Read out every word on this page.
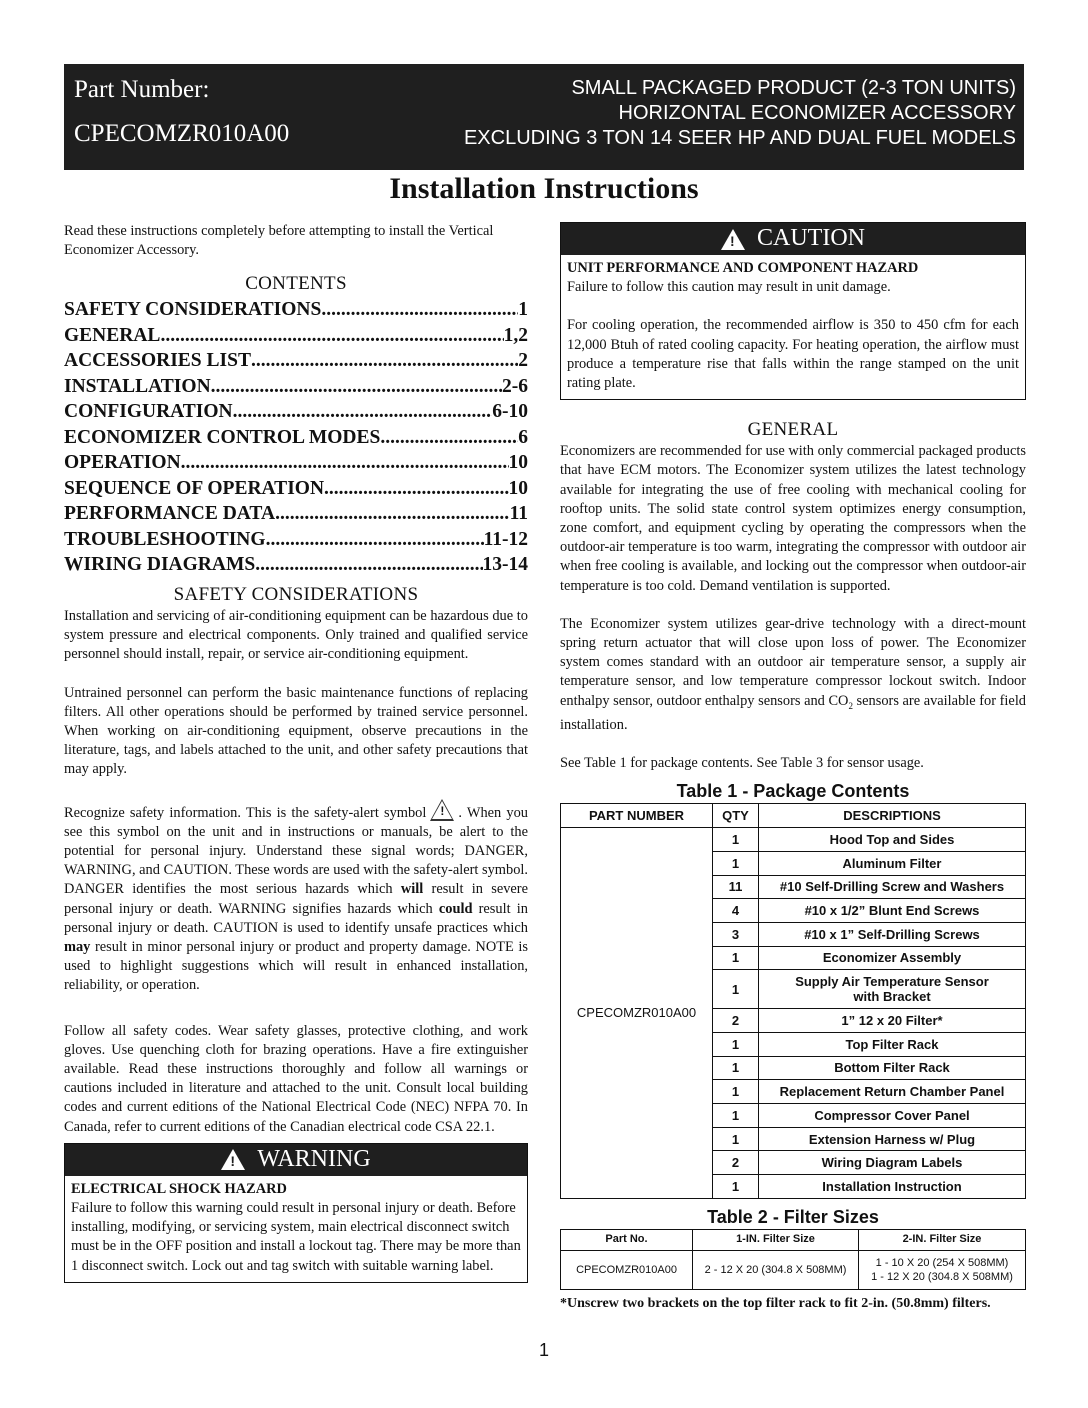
Part Number:
CPECOMZR010A00
SMALL PACKAGED PRODUCT (2-3 TON UNITS)
HORIZONTAL ECONOMIZER ACCESSORY
EXCLUDING 3 TON 14 SEER HP AND DUAL FUEL MODELS
Installation Instructions

Read these instructions completely before attempting to install the Vertical Economizer Accessory.

CONTENTS
SAFETY CONSIDERATIONS .....	1
GENERAL .....	1,2
ACCESSORIES LIST .....	2
INSTALLATION .....	2-6
CONFIGURATION .....	6-10
ECONOMIZER CONTROL MODES .....	6
OPERATION .....	10
SEQUENCE OF OPERATION .....	10
PERFORMANCE DATA .....	11
TROUBLESHOOTING .....	11-12
WIRING DIAGRAMS .....	13-14
SAFETY CONSIDERATIONS

Installation and servicing of air-conditioning equipment can be hazardous due to system pressure and electrical components. Only trained and qualified service personnel should install, repair, or service air-conditioning equipment.

Untrained personnel can perform the basic maintenance functions of replacing filters. All other operations should be performed by trained service personnel. When working on air-conditioning equipment, observe precautions in the literature, tags, and labels attached to the unit, and other safety precautions that may apply.

Recognize safety information. This is the safety-alert symbol ! . When you see this symbol on the unit and in instructions or manuals, be alert to the potential for personal injury. Understand these signal words; DANGER, WARNING, and CAUTION. These words are used with the safety-alert symbol. DANGER identifies the most serious hazards which will result in severe personal injury or death. WARNING signifies hazards which could result in personal injury or death. CAUTION is used to identify unsafe practices which may result in minor personal injury or product and property damage. NOTE is used to highlight suggestions which will result in enhanced installation, reliability, or operation.

Follow all safety codes. Wear safety glasses, protective clothing, and work gloves. Use quenching cloth for brazing operations. Have a fire extinguisher available. Read these instructions thoroughly and follow all warnings or cautions included in literature and attached to the unit. Consult local building codes and current editions of the National Electrical Code (NEC) NFPA 70. In Canada, refer to current editions of the Canadian electrical code CSA 22.1.

! WARNING

ELECTRICAL SHOCK HAZARD

Failure to follow this warning could result in personal injury or death. Before installing, modifying, or servicing system, main electrical disconnect switch must be in the OFF position and install a lockout tag. There may be more than 1 disconnect switch. Lock out and tag switch with suitable warning label.

! CAUTION

UNIT PERFORMANCE AND COMPONENT HAZARD

Failure to follow this caution may result in unit damage.

For cooling operation, the recommended airflow is 350 to 450 cfm for each 12,000 Btuh of rated cooling capacity. For heating operation, the airflow must produce a temperature rise that falls within the range stamped on the unit rating plate.

GENERAL

Economizers are recommended for use with only commercial packaged products that have ECM motors. The Economizer system utilizes the latest technology available for integrating the use of free cooling with mechanical cooling for rooftop units. The solid state control system optimizes energy consumption, zone comfort, and equipment cycling by operating the compressors when the outdoor-air temperature is too warm, integrating the compressor with outdoor air when free cooling is available, and locking out the compressor when outdoor-air temperature is too cold. Demand ventilation is supported.

The Economizer system utilizes gear-drive technology with a direct-mount spring return actuator that will close upon loss of power. The Economizer system comes standard with an outdoor air temperature sensor, a supply air temperature sensor, and low temperature compressor lockout switch. Indoor enthalpy sensor, outdoor enthalpy sensors and $CO_2$ sensors are available for field installation.

See Table 1 for package contents. See Table 3 for sensor usage.

Table 1 - Package Contents
PART NUMBER	QTY	DESCRIPTIONS
CPECOMZR010A00	1	Hood Top and Sides
	1	Aluminum Filter
	11	#10 Self-Drilling Screw and Washers
	4	#10 x 1/2” Blunt End Screws
	3	#10 x 1” Self-Drilling Screws
	1	Economizer Assembly
	1	Supply Air Temperature Sensor
with Bracket

	2	1” 12 x 20 Filter*
	1	Top Filter Rack
	1	Bottom Filter Rack
	1	Replacement Return Chamber Panel
	1	Compressor Cover Panel
	1	Extension Harness w/ Plug
	2	Wiring Diagram Labels
	1	Installation Instruction
Table 2 - Filter Sizes
Part No.	1-IN. Filter Size	2-IN. Filter Size
CPECOMZR010A00	2 - 12 X 20 (304.8 X 508MM)	1 - 10 X 20 (254 X 508MM)
1 - 12 X 20 (304.8 X 508MM)

*Unscrew two brackets on the top filter rack to fit 2-in. (50.8mm) filters.

1
